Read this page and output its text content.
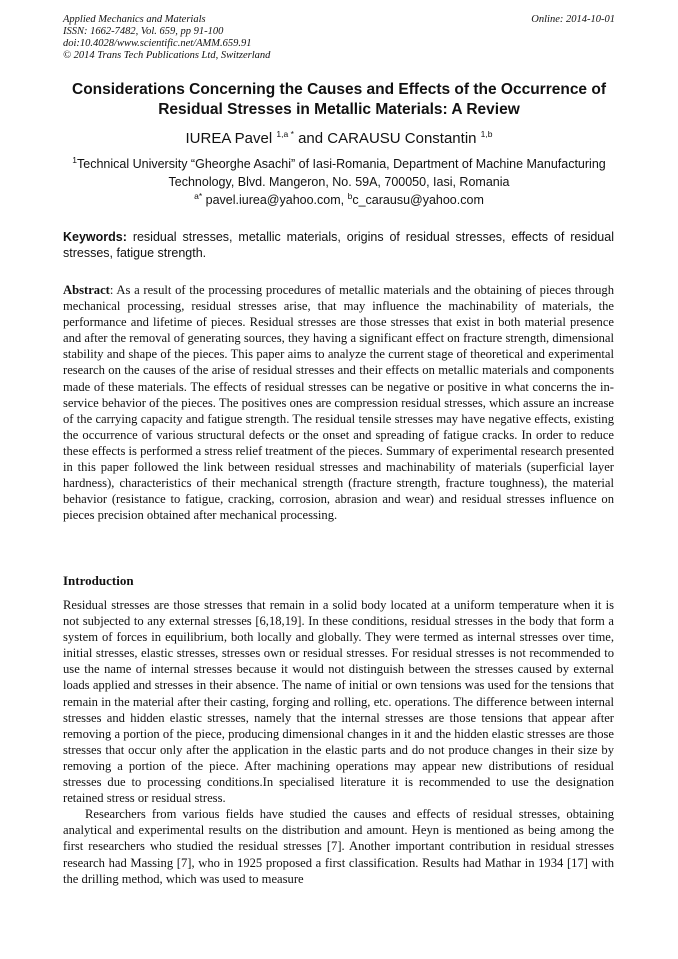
Applied Mechanics and Materials
ISSN: 1662-7482, Vol. 659, pp 91-100
doi:10.4028/www.scientific.net/AMM.659.91
© 2014 Trans Tech Publications Ltd, Switzerland
Online: 2014-10-01
Considerations Concerning the Causes and Effects of the Occurrence of Residual Stresses in Metallic Materials: A Review
IUREA Pavel $^{1,a *}$ and CARAUSU Constantin $^{1,b}$
$^1$Technical University “Gheorghe Asachi” of Iasi-Romania, Department of Machine Manufacturing Technology, Blvd. Mangeron, No. 59A, 700050, Iasi, Romania
$^{a*}$ pavel.iurea@yahoo.com, $^b$c_carausu@yahoo.com
Keywords: residual stresses, metallic materials, origins of residual stresses, effects of residual stresses, fatigue strength.
Abstract: As a result of the processing procedures of metallic materials and the obtaining of pieces through mechanical processing, residual stresses arise, that may influence the machinability of materials, the performance and lifetime of pieces. Residual stresses are those stresses that exist in both material presence and after the removal of generating sources, they having a significant effect on fracture strength, dimensional stability and shape of the pieces. This paper aims to analyze the current stage of theoretical and experimental research on the causes of the arise of residual stresses and their effects on metallic materials and components made of these materials. The effects of residual stresses can be negative or positive in what concerns the in-service behavior of the pieces. The positives ones are compression residual stresses, which assure an increase of the carrying capacity and fatigue strength. The residual tensile stresses may have negative effects, existing the occurrence of various structural defects or the onset and spreading of fatigue cracks. In order to reduce these effects is performed a stress relief treatment of the pieces. Summary of experimental research presented in this paper followed the link between residual stresses and machinability of materials (superficial layer hardness), characteristics of their mechanical strength (fracture strength, fracture toughness), the material behavior (resistance to fatigue, cracking, corrosion, abrasion and wear) and residual stresses influence on pieces precision obtained after mechanical processing.
Introduction

Residual stresses are those stresses that remain in a solid body located at a uniform temperature when it is not subjected to any external stresses [6,18,19]. In these conditions, residual stresses in the body that form a system of forces in equilibrium, both locally and globally. They were termed as internal stresses over time, initial stresses, elastic stresses, stresses own or residual stresses. For residual stresses is not recommended to use the name of internal stresses because it would not distinguish between the stresses caused by external loads applied and stresses in their absence. The name of initial or own tensions was used for the tensions that remain in the material after their casting, forging and rolling, etc. operations. The difference between internal stresses and hidden elastic stresses, namely that the internal stresses are those tensions that appear after removing a portion of the piece, producing dimensional changes in it and the hidden elastic stresses are those stresses that occur only after the application in the elastic parts and do not produce changes in their size by removing a portion of the piece. After machining operations may appear new distributions of residual stresses due to processing conditions.In specialised literature it is recommended to use the designation retained stress or residual stress.

Researchers from various fields have studied the causes and effects of residual stresses, obtaining analytical and experimental results on the distribution and amount. Heyn is mentioned as being among the first researchers who studied the residual stresses [7]. Another important contribution in residual stresses research had Massing [7], who in 1925 proposed a first classification. Results had Mathar in 1934 [17] with the drilling method, which was used to measure
